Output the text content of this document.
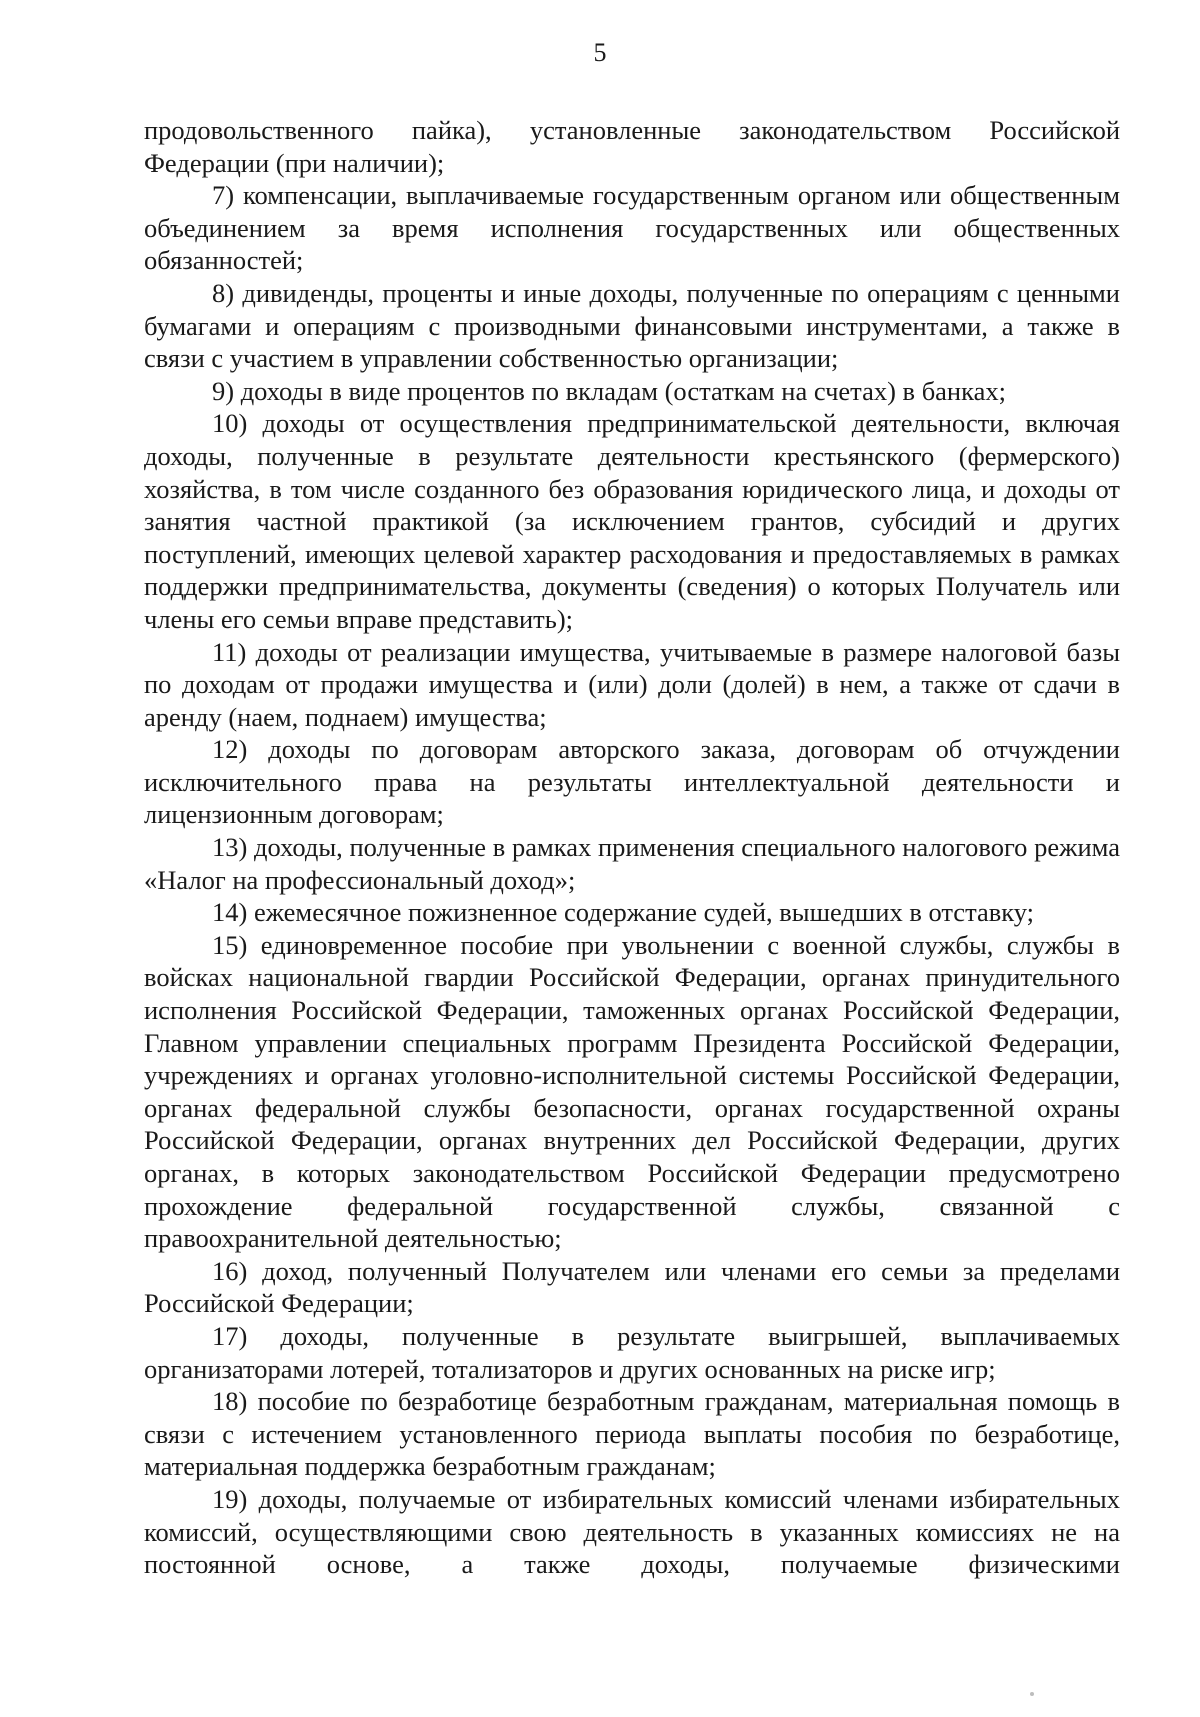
5

продовольственного пайка), установленные законодательством Российской Федерации (при наличии);

7) компенсации, выплачиваемые государственным органом или общественным объединением за время исполнения государственных или общественных обязанностей;

8) дивиденды, проценты и иные доходы, полученные по операциям с ценными бумагами и операциям с производными финансовыми инструментами, а также в связи с участием в управлении собственностью организации;

9) доходы в виде процентов по вкладам (остаткам на счетах) в банках;

10) доходы от осуществления предпринимательской деятельности, включая доходы, полученные в результате деятельности крестьянского (фермерского) хозяйства, в том числе созданного без образования юридического лица, и доходы от занятия частной практикой (за исключением грантов, субсидий и других поступлений, имеющих целевой характер расходования и предоставляемых в рамках поддержки предпринимательства, документы (сведения) о которых Получатель или члены его семьи вправе представить);

11) доходы от реализации имущества, учитываемые в размере налоговой базы по доходам от продажи имущества и (или) доли (долей) в нем, а также от сдачи в аренду (наем, поднаем) имущества;

12) доходы по договорам авторского заказа, договорам об отчуждении исключительного права на результаты интеллектуальной деятельности и лицензионным договорам;

13) доходы, полученные в рамках применения специального налогового режима «Налог на профессиональный доход»;

14) ежемесячное пожизненное содержание судей, вышедших в отставку;

15) единовременное пособие при увольнении с военной службы, службы в войсках национальной гвардии Российской Федерации, органах принудительного исполнения Российской Федерации, таможенных органах Российской Федерации, Главном управлении специальных программ Президента Российской Федерации, учреждениях и органах уголовно-исполнительной системы Российской Федерации, органах федеральной службы безопасности, органах государственной охраны Российской Федерации, органах внутренних дел Российской Федерации, других органах, в которых законодательством Российской Федерации предусмотрено прохождение федеральной государственной службы, связанной с правоохранительной деятельностью;

16) доход, полученный Получателем или членами его семьи за пределами Российской Федерации;

17) доходы, полученные в результате выигрышей, выплачиваемых организаторами лотерей, тотализаторов и других основанных на риске игр;

18) пособие по безработице безработным гражданам, материальная помощь в связи с истечением установленного периода выплаты пособия по безработице, материальная поддержка безработным гражданам;

19) доходы, получаемые от избирательных комиссий членами избирательных комиссий, осуществляющими свою деятельность в указанных комиссиях не на постоянной основе, а также доходы, получаемые физическими
